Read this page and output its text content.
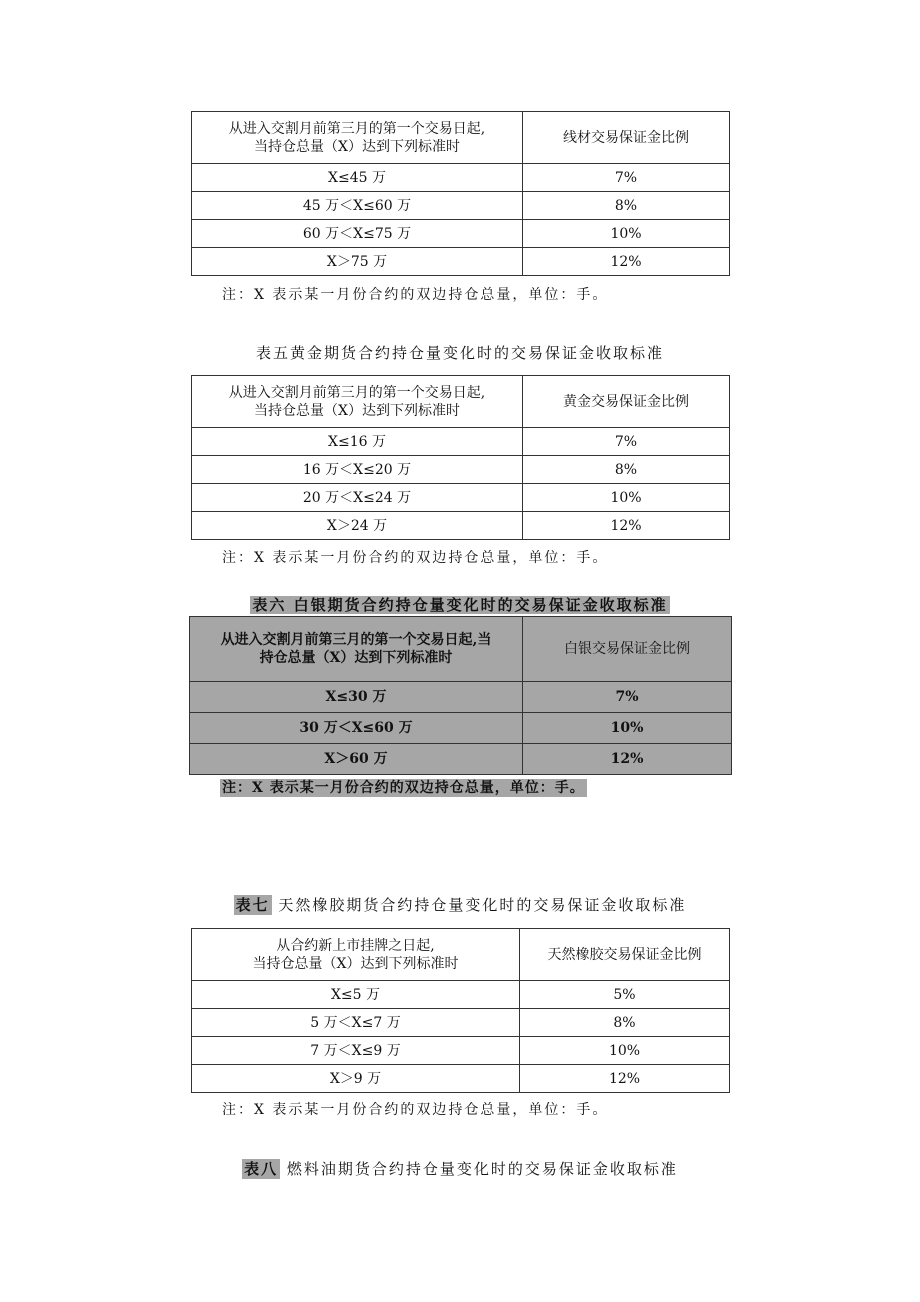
从进入交割月前第三月的第一个交易日起,
当持仓总量（X）达到下列标准时	线材交易保证金比例
X≤45 万	7%
45 万＜X≤60 万	8%
60 万＜X≤75 万	10%
X＞75 万	12%
注：X 表示某一月份合约的双边持仓总量，单位：手。
表五黄金期货合约持仓量变化时的交易保证金收取标准
从进入交割月前第三月的第一个交易日起,
当持仓总量（X）达到下列标准时	黄金交易保证金比例
X≤16 万	7%
16 万＜X≤20 万	8%
20 万＜X≤24 万	10%
X＞24 万	12%
注：X 表示某一月份合约的双边持仓总量，单位：手。
表六 白银期货合约持仓量变化时的交易保证金收取标准
从进入交割月前第三月的第一个交易日起,当
持仓总量（X）达到下列标准时	白银交易保证金比例
X≤30 万	7%
30 万＜X≤60 万	10%
X＞60 万	12%
注：X 表示某一月份合约的双边持仓总量，单位：手。
表七 天然橡胶期货合约持仓量变化时的交易保证金收取标准
从合约新上市挂牌之日起,
当持仓总量（X）达到下列标准时	天然橡胶交易保证金比例
X≤5 万	5%
5 万＜X≤7 万	8%
7 万＜X≤9 万	10%
X＞9 万	12%
注：X 表示某一月份合约的双边持仓总量，单位：手。
表八 燃料油期货合约持仓量变化时的交易保证金收取标准
